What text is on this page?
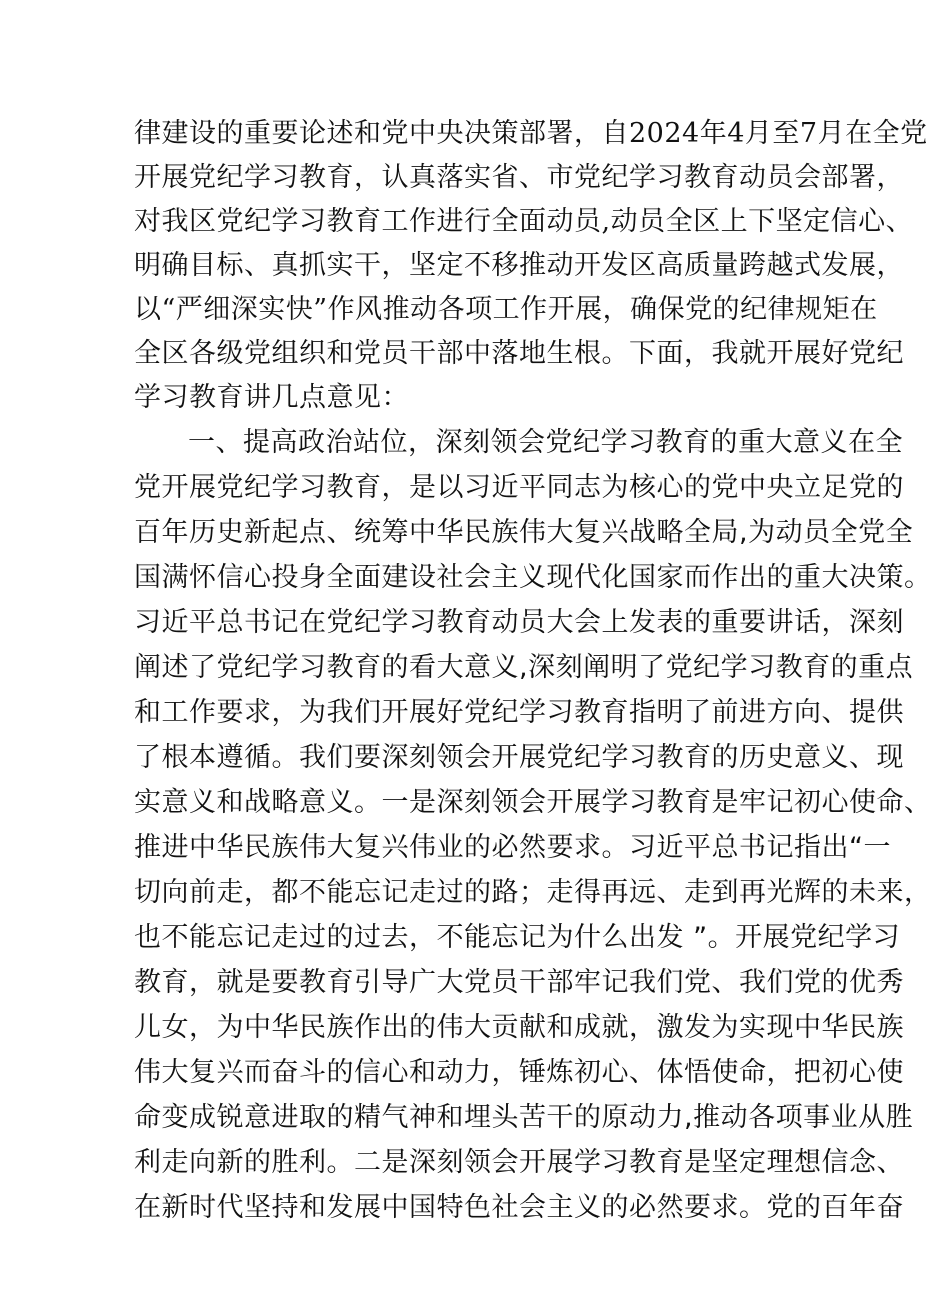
律建设的重要论述和党中央决策部署，自2024年4月至7月在全党
开展党纪学习教育，认真落实省、市党纪学习教育动员会部署，
对我区党纪学习教育工作进行全面动员,动员全区上下坚定信心、
明确目标、真抓实干，坚定不移推动开发区高质量跨越式发展，
以“严细深实快”作风推动各项工作开展，确保党的纪律规矩在
全区各级党组织和党员干部中落地生根。下面，我就开展好党纪
学习教育讲几点意见：
一、提高政治站位，深刻领会党纪学习教育的重大意义在全
党开展党纪学习教育，是以习近平同志为核心的党中央立足党的
百年历史新起点、统筹中华民族伟大复兴战略全局,为动员全党全
国满怀信心投身全面建设社会主义现代化国家而作出的重大决策。
习近平总书记在党纪学习教育动员大会上发表的重要讲话，深刻
阐述了党纪学习教育的看大意义,深刻阐明了党纪学习教育的重点
和工作要求，为我们开展好党纪学习教育指明了前进方向、提供
了根本遵循。我们要深刻领会开展党纪学习教育的历史意义、现
实意义和战略意义。一是深刻领会开展学习教育是牢记初心使命、
推进中华民族伟大复兴伟业的必然要求。习近平总书记指出“一
切向前走，都不能忘记走过的路；走得再远、走到再光辉的未来，
也不能忘记走过的过去，不能忘记为什么出发 ”。开展党纪学习
教育，就是要教育引导广大党员干部牢记我们党、我们党的优秀
儿女，为中华民族作出的伟大贡献和成就，激发为实现中华民族
伟大复兴而奋斗的信心和动力，锤炼初心、体悟使命，把初心使
命变成锐意进取的精气神和埋头苦干的原动力,推动各项事业从胜
利走向新的胜利。二是深刻领会开展学习教育是坚定理想信念、
在新时代坚持和发展中国特色社会主义的必然要求。党的百年奋
